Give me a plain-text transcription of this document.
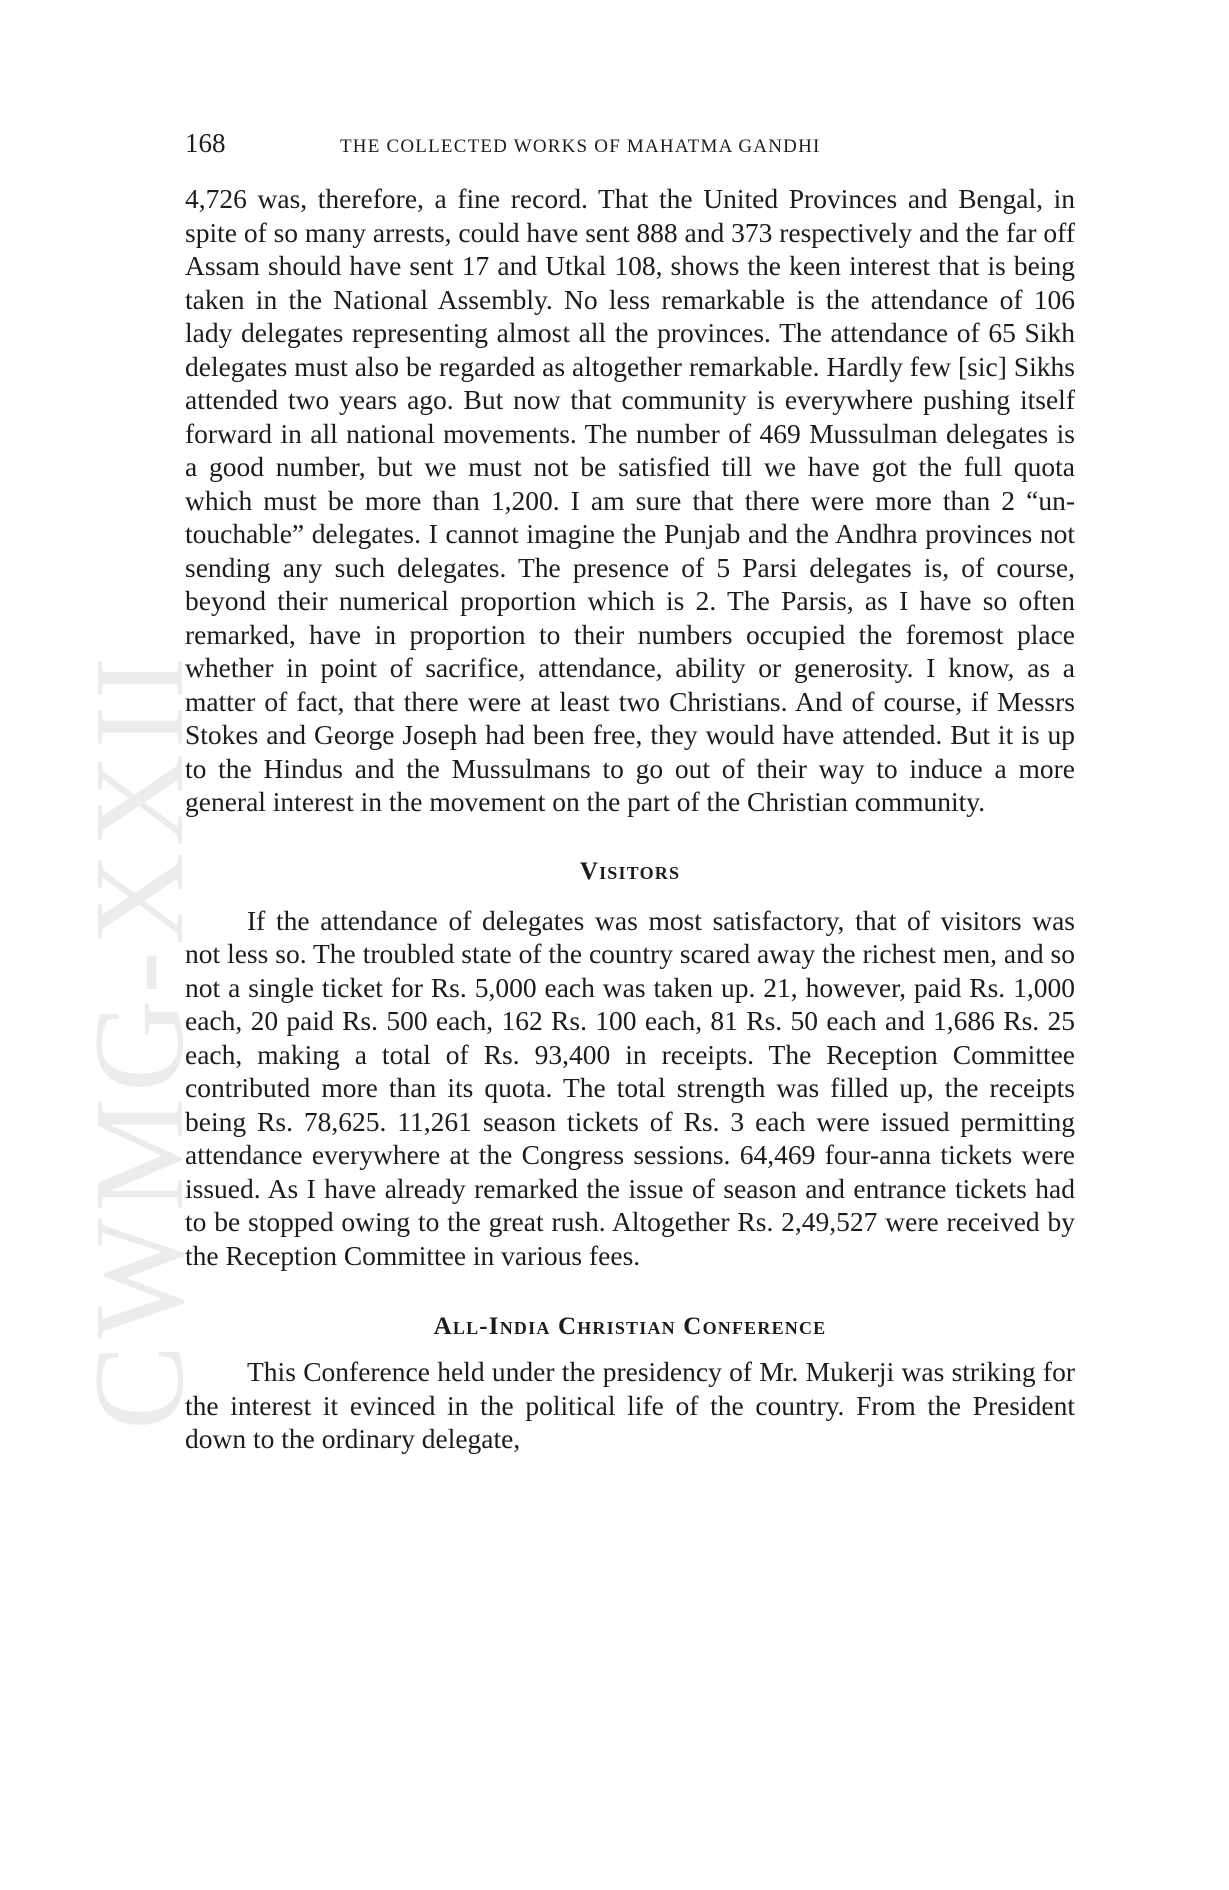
CWMG-XXII
168	THE COLLECTED WORKS OF MAHATMA GANDHI

4,726 was, therefore, a fine record. That the United Provinces and Bengal, in spite of so many arrests, could have sent 888 and 373 respectively and the far off Assam should have sent 17 and Utkal 108, shows the keen interest that is being taken in the National Assembly. No less remarkable is the attendance of 106 lady delegates representing almost all the provinces. The attendance of 65 Sikh delegates must also be regarded as altogether remarkable. Hardly few [sic] Sikhs attended two years ago. But now that community is everywhere pushing itself forward in all national movements. The number of 469 Mussulman delegates is a good number, but we must not be satisfied till we have got the full quota which must be more than 1,200. I am sure that there were more than 2 “untouchable” delegates. I cannot imagine the Punjab and the Andhra provinces not sending any such delegates. The presence of 5 Parsi delegates is, of course, beyond their numerical proportion which is 2. The Parsis, as I have so often remarked, have in proportion to their numbers occupied the foremost place whether in point of sacrifice, attendance, ability or generosity. I know, as a matter of fact, that there were at least two Christians. And of course, if Messrs Stokes and George Joseph had been free, they would have attended. But it is up to the Hindus and the Mussulmans to go out of their way to induce a more general interest in the movement on the part of the Christian community.

Visitors

If the attendance of delegates was most satisfactory, that of visitors was not less so. The troubled state of the country scared away the richest men, and so not a single ticket for Rs. 5,000 each was taken up. 21, however, paid Rs. 1,000 each, 20 paid Rs. 500 each, 162 Rs. 100 each, 81 Rs. 50 each and 1,686 Rs. 25 each, making a total of Rs. 93,400 in receipts. The Reception Committee contributed more than its quota. The total strength was filled up, the receipts being Rs. 78,625. 11,261 season tickets of Rs. 3 each were issued permitting attendance everywhere at the Congress sessions. 64,469 four-anna tickets were issued. As I have already remarked the issue of season and entrance tickets had to be stopped owing to the great rush. Altogether Rs. 2,49,527 were received by the Reception Committee in various fees.

All-India Christian Conference

This Conference held under the presidency of Mr. Mukerji was striking for the interest it evinced in the political life of the country. From the President down to the ordinary delegate,
